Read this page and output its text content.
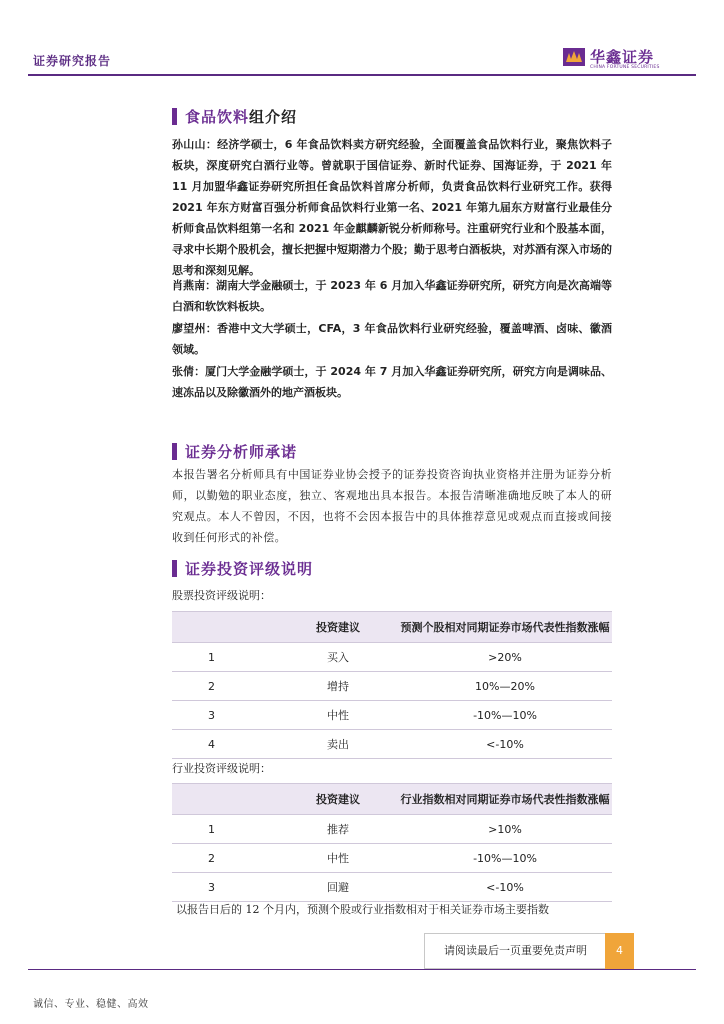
证券研究报告	华鑫证券
CHINA FORTUNE SECURITIES
食品饮料组介绍
孙山山：经济学硕士，6 年食品饮料卖方研究经验，全面覆盖食品饮料行业，聚焦饮料子板块，深度研究白酒行业等。曾就职于国信证券、新时代证券、国海证券，于 2021 年 11 月加盟华鑫证券研究所担任食品饮料首席分析师，负责食品饮料行业研究工作。获得 2021 年东方财富百强分析师食品饮料行业第一名、2021 年第九届东方财富行业最佳分析师食品饮料组第一名和 2021 年金麒麟新锐分析师称号。注重研究行业和个股基本面，寻求中长期个股机会，擅长把握中短期潜力个股；勤于思考白酒板块，对苏酒有深入市场的思考和深刻见解。
肖燕南：湖南大学金融硕士，于 2023 年 6 月加入华鑫证券研究所，研究方向是次高端等白酒和软饮料板块。
廖望州：香港中文大学硕士，CFA，3 年食品饮料行业研究经验，覆盖啤酒、卤味、徽酒领域。
张倩：厦门大学金融学硕士，于 2024 年 7 月加入华鑫证券研究所，研究方向是调味品、速冻品以及除徽酒外的地产酒板块。
证券分析师承诺
本报告署名分析师具有中国证券业协会授予的证券投资咨询执业资格并注册为证券分析师，以勤勉的职业态度，独立、客观地出具本报告。本报告清晰准确地反映了本人的研究观点。本人不曾因，不因，也将不会因本报告中的具体推荐意见或观点而直接或间接收到任何形式的补偿。
证券投资评级说明
股票投资评级说明：
	投资建议	预测个股相对同期证券市场代表性指数涨幅
1	买入	>20%
2	增持	10%—20%
3	中性	-10%—10%
4	卖出	<-10%
行业投资评级说明：
	投资建议	行业指数相对同期证券市场代表性指数涨幅
1	推荐	>10%
2	中性	-10%—10%
3	回避	<-10%
以报告日后的 12 个月内，预测个股或行业指数相对于相关证券市场主要指数
请阅读最后一页重要免责声明	4
诚信、专业、稳健、高效
